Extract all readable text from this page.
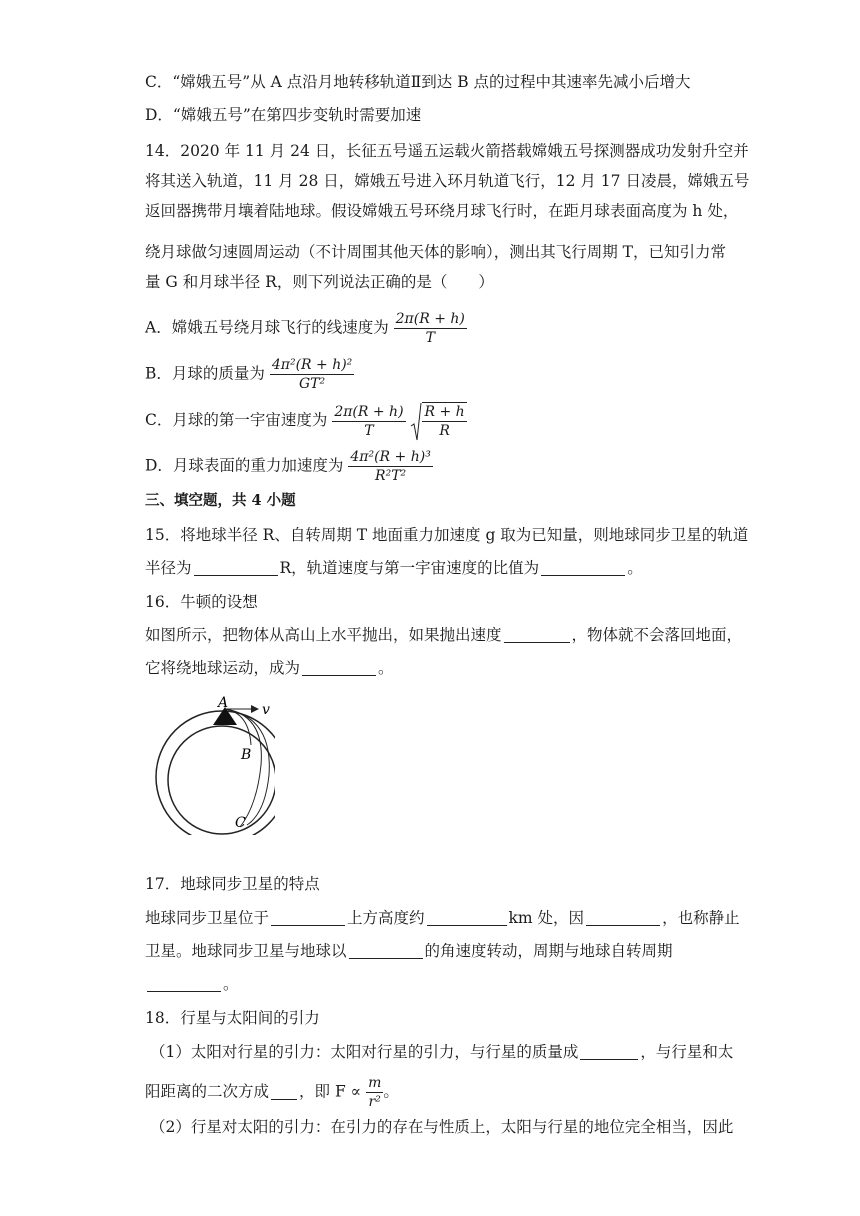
C．“嫦娥五号”从 A 点沿月地转移轨道Ⅱ到达 B 点的过程中其速率先减小后增大
D．“嫦娥五号”在第四步变轨时需要加速
14．2020 年 11 月 24 日，长征五号遥五运载火箭搭载嫦娥五号探测器成功发射升空并
将其送入轨道，11 月 28 日，嫦娥五号进入环月轨道飞行，12 月 17 日凌晨，嫦娥五号
返回器携带月壤着陆地球。假设嫦娥五号环绕月球飞行时，在距月球表面高度为 h 处，
绕月球做匀速圆周运动（不计周围其他天体的影响），测出其飞行周期 T，已知引力常
量 G 和月球半径 R，则下列说法正确的是（　　）
A．嫦娥五号绕月球飞行的线速度为 $\frac{2\pi(R + h)}{T}$
B．月球的质量为 $\frac{\text{4π²(R + h)²}}{\text{GT²}}$
C．月球的第一宇宙速度为 $\frac{2\pi(R + h)}{T}$
$\frac{R + h}{R}$
D．月球表面的重力加速度为 $\frac{\text{4π²(R + h)³}}{\text{R²T²}}$
三、填空题，共 4 小题
15．将地球半径 R、自转周期 T 地面重力加速度 g 取为已知量，则地球同步卫星的轨道
半径为	R，轨道速度与第一宇宙速度的比值为	。
16．牛顿的设想
如图所示，把物体从高山上水平抛出，如果抛出速度	，物体就不会落回地面，
它将绕地球运动，成为	。
A v
B
C
17．地球同步卫星的特点
地球同步卫星位于	上方高度约	km 处，因	，也称静止
卫星。地球同步卫星与地球以	的角速度转动，周期与地球自转周期
。
18．行星与太阳间的引力
（1）太阳对行星的引力：太阳对行星的引力，与行星的质量成	，与行星和太
阳距离的二次方成 ，即 $F \propto \frac{m}{\text{r²}}$ 。
（2）行星对太阳的引力：在引力的存在与性质上，太阳与行星的地位完全相当，因此
